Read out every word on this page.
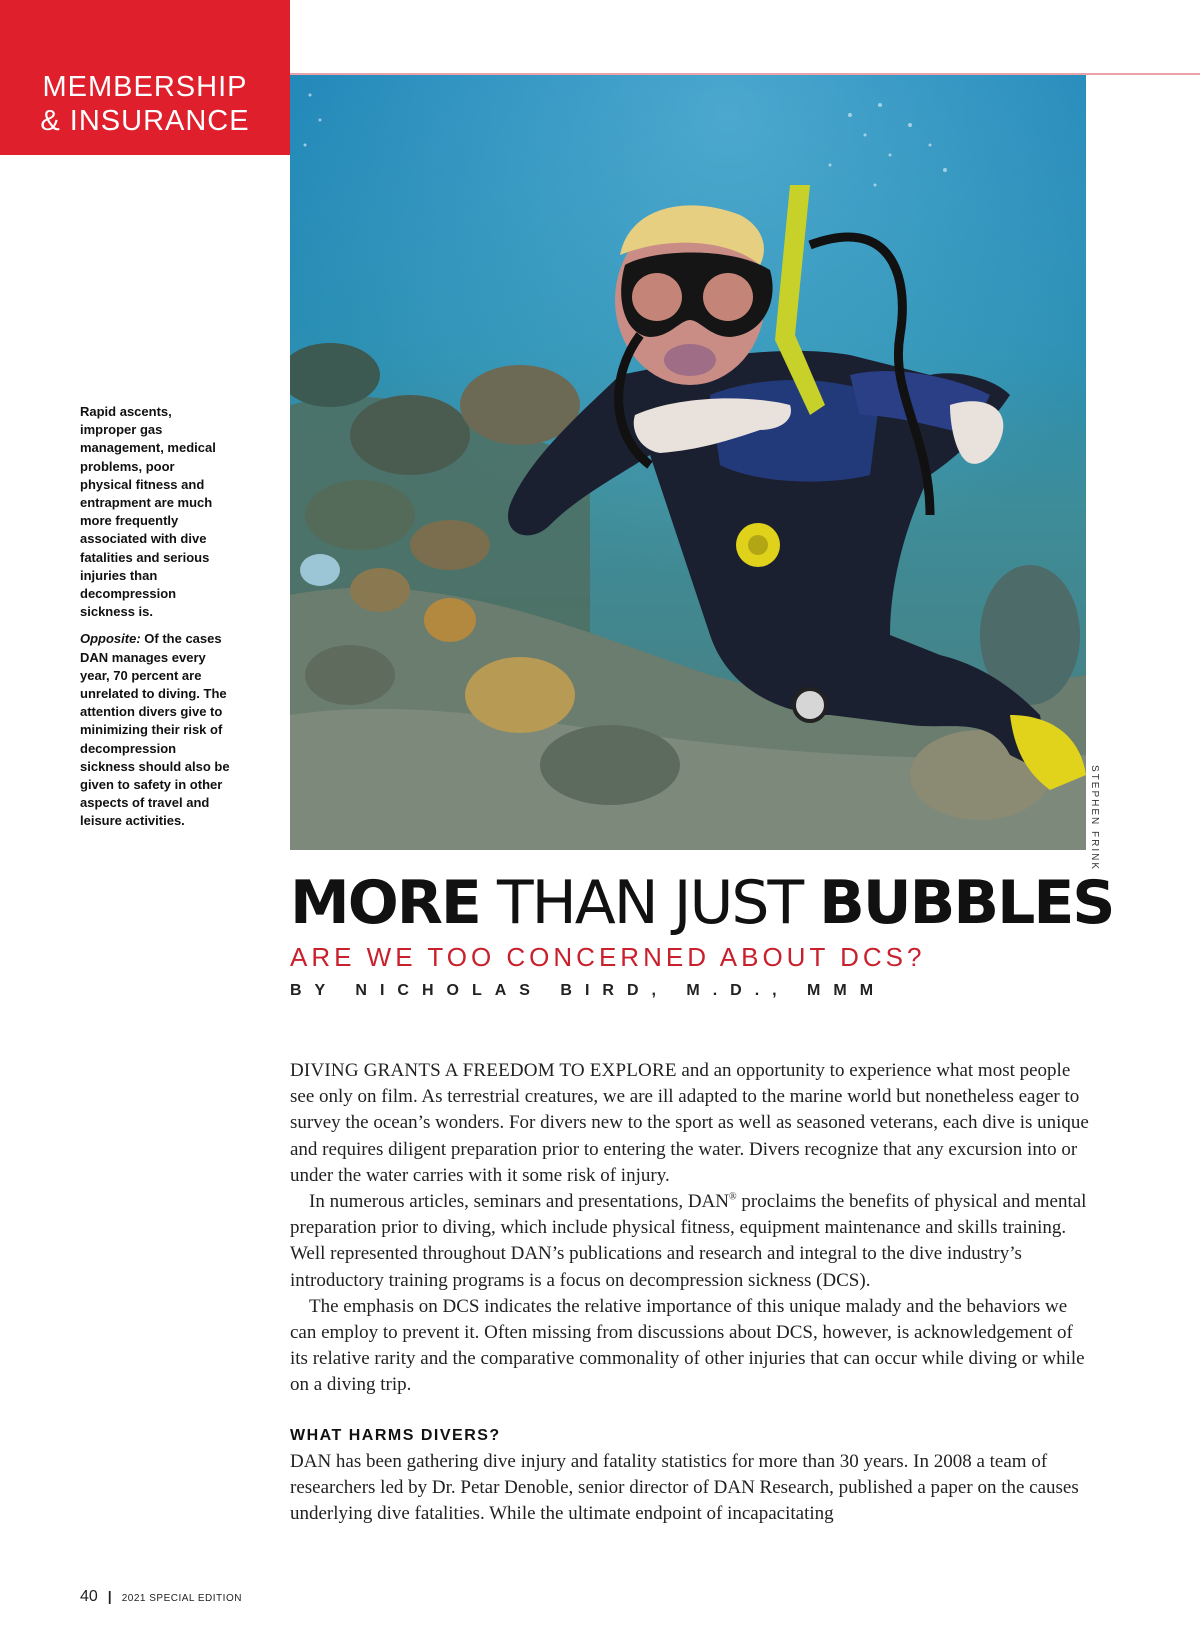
MEMBERSHIP
& INSURANCE
STEPHEN FRINK

Rapid ascents, improper gas management, medical problems, poor physical fitness and entrapment are much more frequently associated with dive fatalities and serious injuries than decompression sickness is.

Opposite: Of the cases DAN manages every year, 70 percent are unrelated to diving. The attention divers give to minimizing their risk of decompression sickness should also be given to safety in other aspects of travel and leisure activities.

MORE THAN JUST BUBBLES
ARE WE TOO CONCERNED ABOUT DCS?
BY NICHOLAS BIRD, M.D., MMM

DIVING GRANTS A FREEDOM TO EXPLORE and an opportunity to experience what most people see only on film. As terrestrial creatures, we are ill adapted to the marine world but nonetheless eager to survey the ocean’s wonders. For divers new to the sport as well as seasoned veterans, each dive is unique and requires diligent preparation prior to entering the water. Divers recognize that any excursion into or under the water carries with it some risk of injury.

In numerous articles, seminars and presentations, DAN® proclaims the benefits of physical and mental preparation prior to diving, which include physical fitness, equipment maintenance and skills training. Well represented throughout DAN’s publications and research and integral to the dive industry’s introductory training programs is a focus on decompression sickness (DCS).

The emphasis on DCS indicates the relative importance of this unique malady and the behaviors we can employ to prevent it. Often missing from discussions about DCS, however, is acknowledgement of its relative rarity and the comparative commonality of other injuries that can occur while diving or while on a diving trip.

WHAT HARMS DIVERS?

DAN has been gathering dive injury and fatality statistics for more than 30 years. In 2008 a team of researchers led by Dr. Petar Denoble, senior director of DAN Research, published a paper on the causes underlying dive fatalities. While the ultimate endpoint of incapacitating

40 | 2021 SPECIAL EDITION
